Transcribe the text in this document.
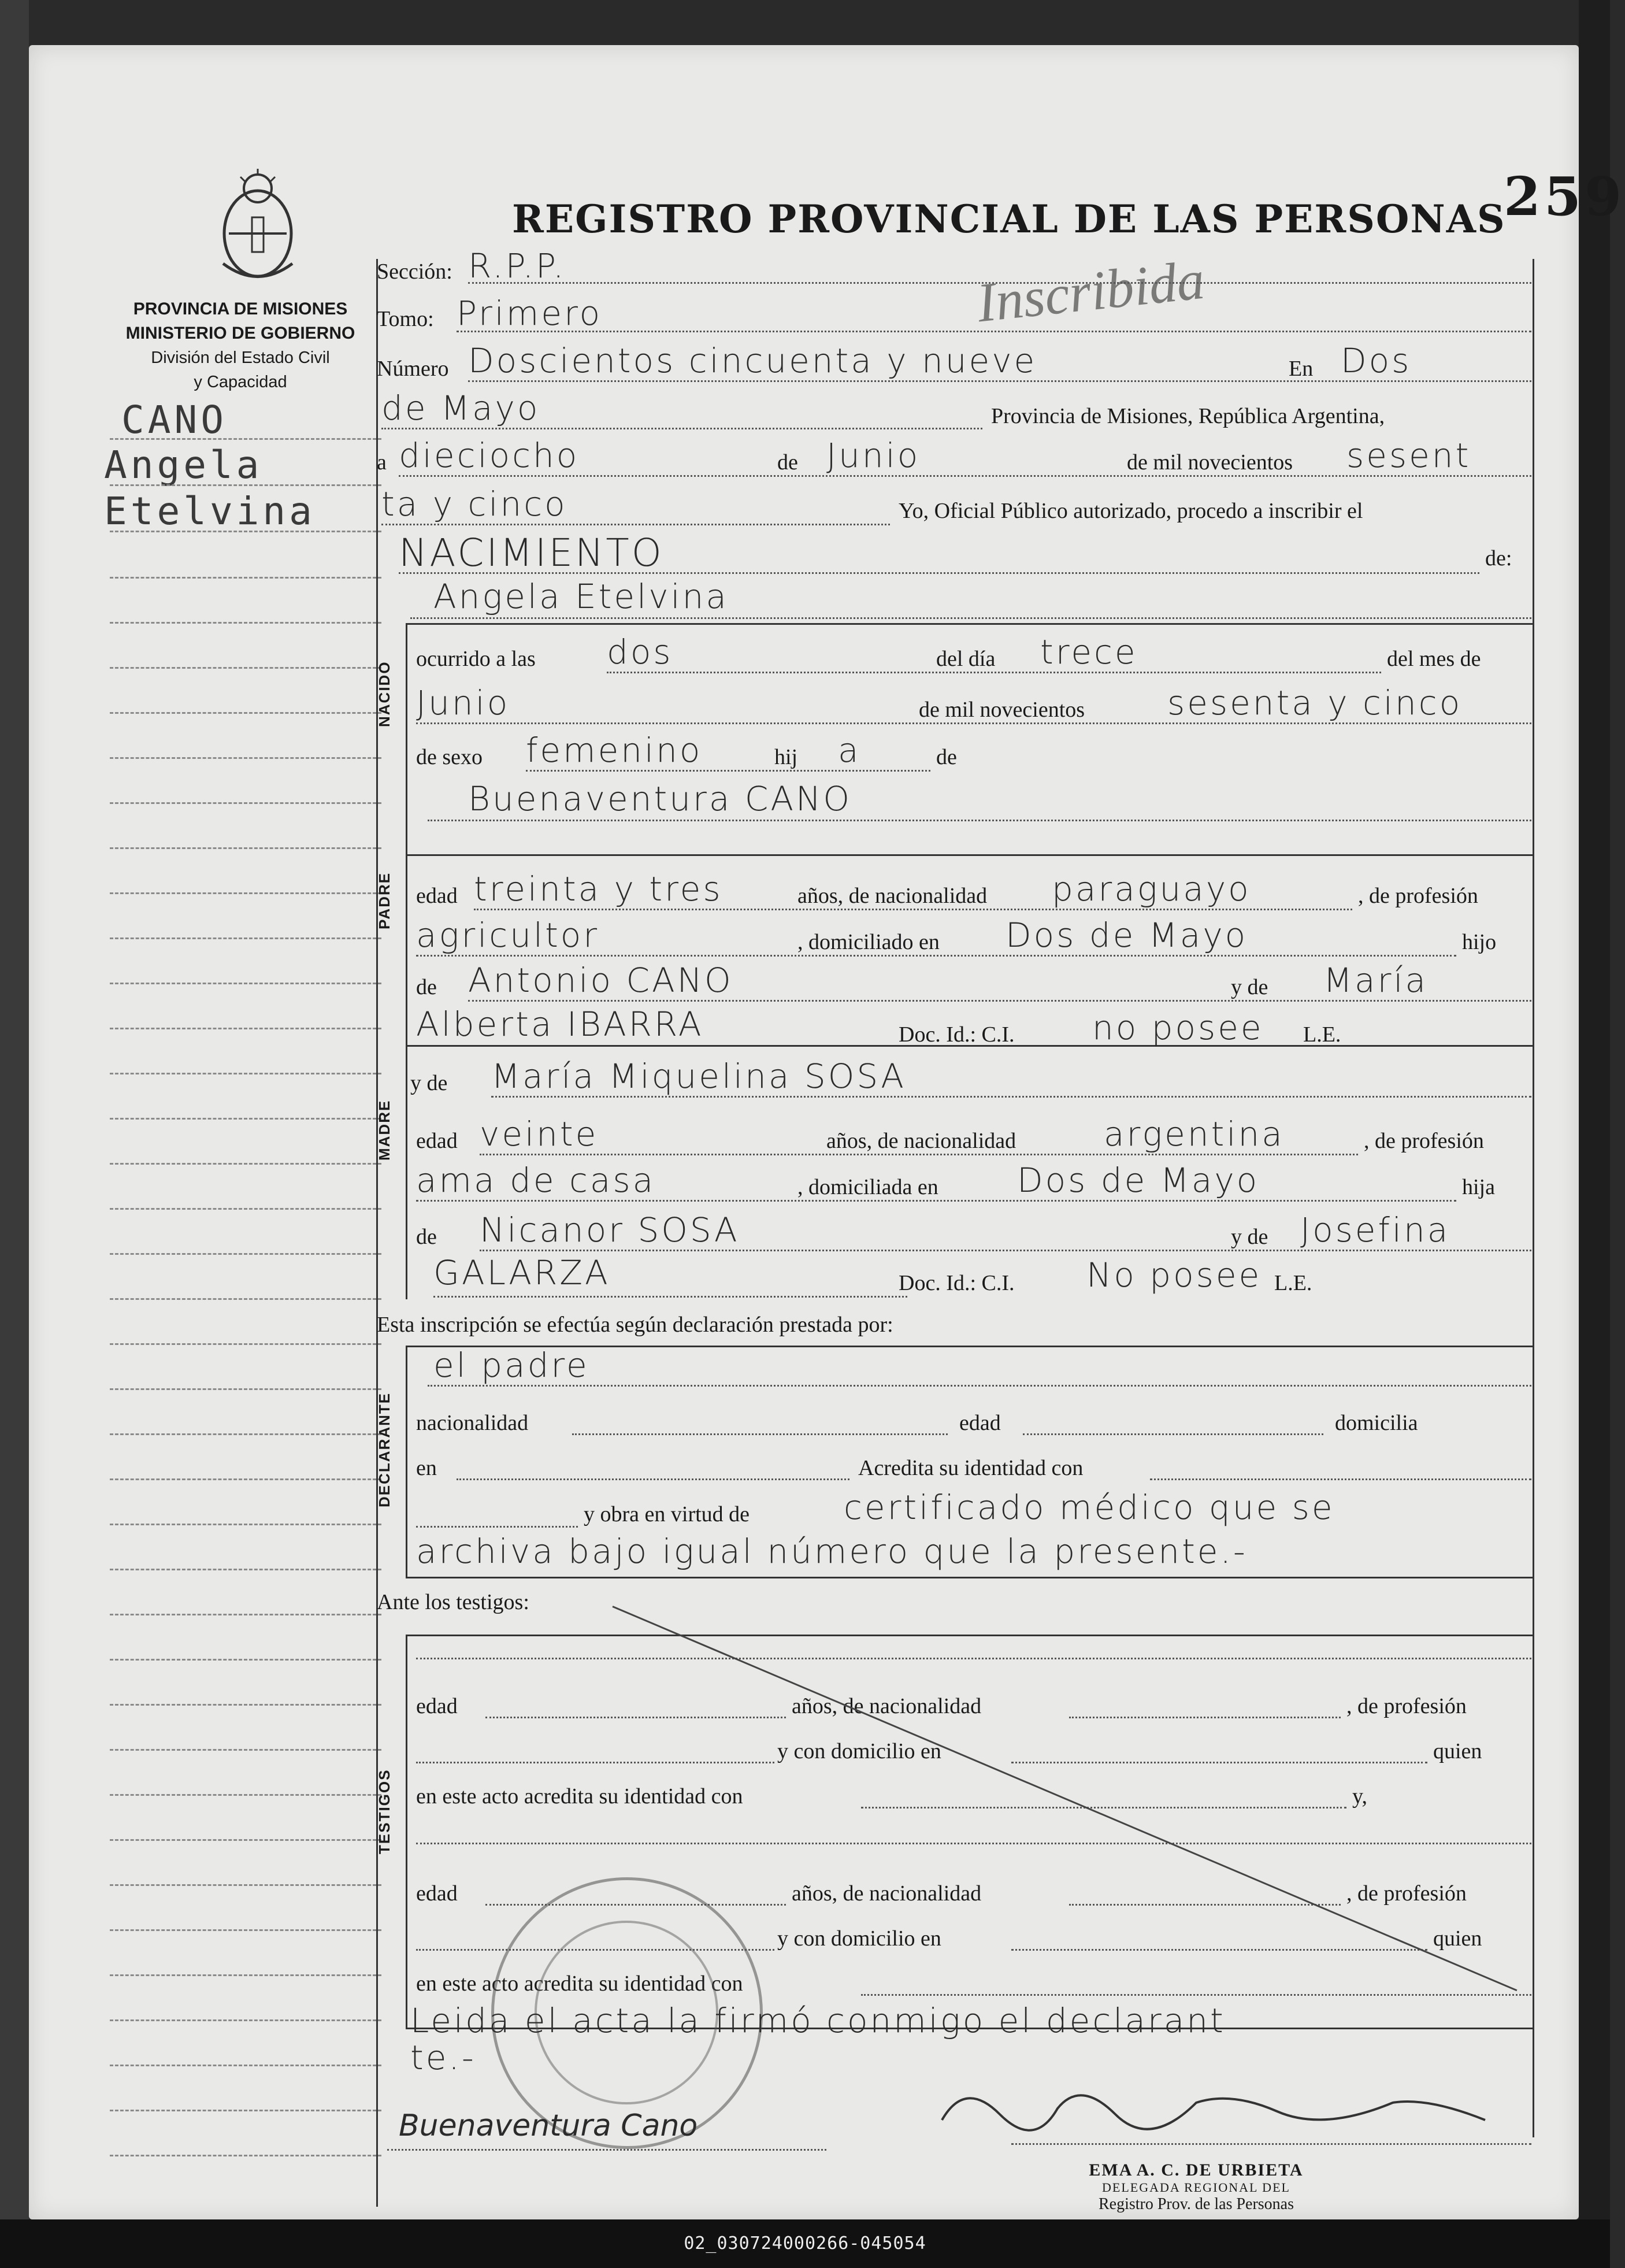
PROVINCIA DE MISIONES
MINISTERIO DE GOBIERNO
División del Estado Civil
y Capacidad
REGISTRO PROVINCIAL DE LAS PERSONAS
259
Inscribida
CANO
Angela
Etelvina
NACIDO
PADRE
MADRE
DECLARANTE
TESTIGOS
Sección: R.P.P.
Tomo: Primero
Número Doscientos cincuenta y nueve	En Dos
de Mayo	Provincia de Misiones, República Argentina,
a dieciocho	de Junio	de mil novecientos sesent
ta y cinco	Yo, Oficial Público autorizado, procedo a inscribir el
NACIMIENTO	de:
Angela Etelvina
ocurrido a las dos	del día trece	del mes de
Junio	de mil novecientos sesenta y cinco
de sexo femenino	hij a	de
Buenaventura CANO
edad treinta y tres	años, de nacionalidad paraguayo	, de profesión
agricultor	, domiciliado en Dos de Mayo	hijo
de Antonio CANO	y de María
Alberta IBARRA	Doc. Id.: C.I. no posee L.E.
y de María Miquelina SOSA
edad veinte	años, de nacionalidad	argentina	, de profesión
ama de casa	, domiciliada en Dos de Mayo	hija
de Nicanor SOSA	y de Josefina
GALARZA	Doc. Id.: C.I. No posee L.E.
Esta inscripción se efectúa según declaración prestada por:
el padre
nacionalidad	edad	domicilia
en	Acredita su identidad con
y obra en virtud de	certificado médico que se
archiva bajo igual número que la presente.-
Ante los testigos:
edad	años, de nacionalidad	, de profesión
y con domicilio en	quien
en este acto acredita su identidad con	y,
edad	años, de nacionalidad	, de profesión
y con domicilio en	quien
en este acto acredita su identidad con
Leida el acta la firmó conmigo el declarant
te.-
Buenaventura Cano
EMA A. C. DE URBIETA
DELEGADA REGIONAL DEL
Registro Prov. de las Personas
02_030724000266-045054
